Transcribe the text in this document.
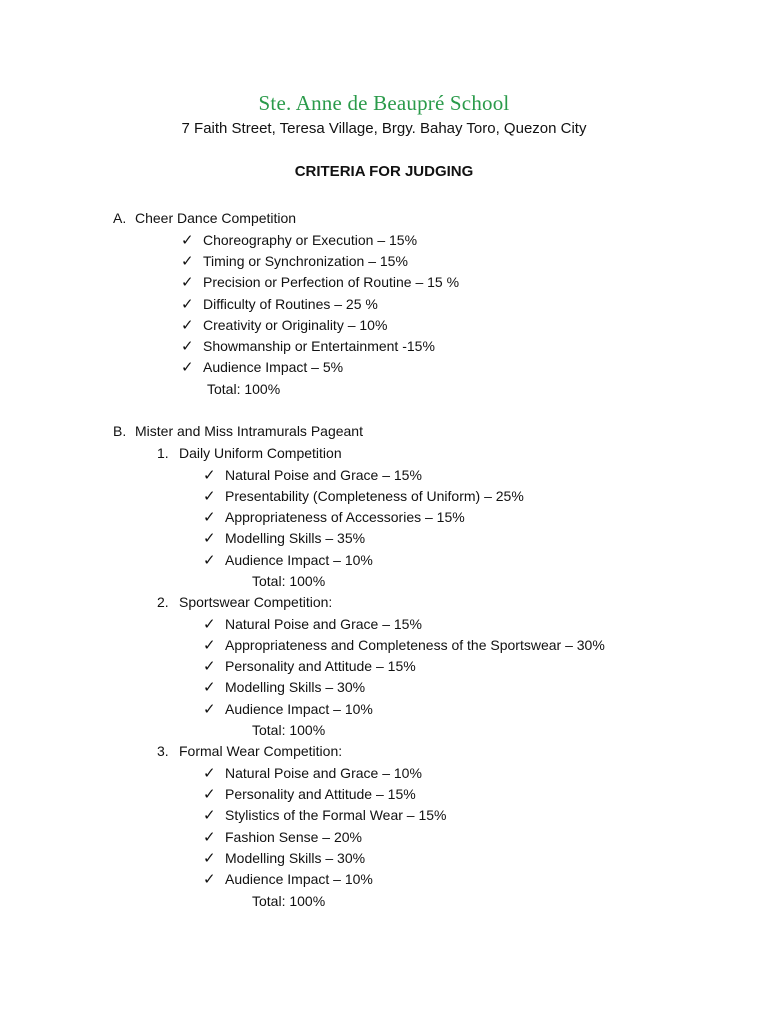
Ste. Anne de Beaupré School
7 Faith Street, Teresa Village, Brgy. Bahay Toro, Quezon City
CRITERIA FOR JUDGING
A. Cheer Dance Competition
✓ Choreography or Execution – 15%
✓ Timing or Synchronization – 15%
✓ Precision or Perfection of Routine – 15 %
✓ Difficulty of Routines – 25 %
✓ Creativity or Originality – 10%
✓ Showmanship or Entertainment -15%
✓ Audience Impact – 5%
Total: 100%
B. Mister and Miss Intramurals Pageant
1. Daily Uniform Competition
✓ Natural Poise and Grace – 15%
✓ Presentability (Completeness of Uniform) – 25%
✓ Appropriateness of Accessories – 15%
✓ Modelling Skills – 35%
✓ Audience Impact – 10%
Total: 100%
2. Sportswear Competition:
✓ Natural Poise and Grace – 15%
✓ Appropriateness and Completeness of the Sportswear – 30%
✓ Personality and Attitude – 15%
✓ Modelling Skills – 30%
✓ Audience Impact – 10%
Total: 100%
3. Formal Wear Competition:
✓ Natural Poise and Grace – 10%
✓ Personality and Attitude – 15%
✓ Stylistics of the Formal Wear – 15%
✓ Fashion Sense – 20%
✓ Modelling Skills – 30%
✓ Audience Impact – 10%
Total: 100%
